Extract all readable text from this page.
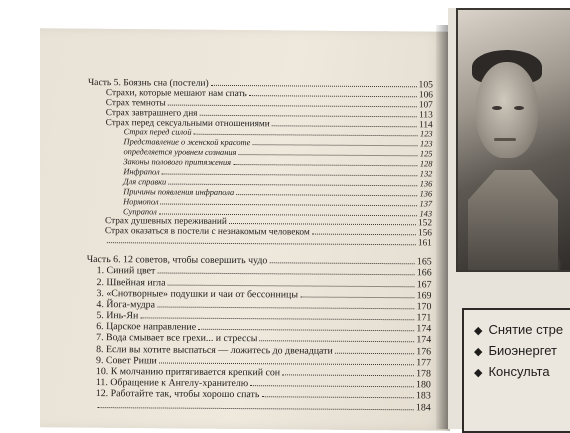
◆ Снятие стре
◆ Биоэнергет
◆ Консульта
Часть 5. Боязнь сна (постели)	105
Страхи, которые мешают нам спать	106
Страх темноты	107
Страх завтрашнего дня	113
Страх перед сексуальными отношениями	114
Страх перед силой	123
Представление о женской красоте	123
определяется уровнем сознания	125
Законы полового притяжения	128
Инфрапол	132
Для справки	136
Причины появления инфрапола	136
Нормопол	137
Супрапол	143
Страх душевных переживаний	152
Страх оказаться в постели с незнакомым человеком	156
161
Часть 6. 12 советов, чтобы совершить чудо	165
1. Синий цвет	166
2. Швейная игла	167
3. «Снотворные» подушки и чаи от бессонницы	169
4. Йога-мудра	170
5. Инь-Ян	171
6. Царское направление	174
7. Вода смывает все грехи... и стрессы	174
8. Если вы хотите выспаться — ложитесь до двенадцати	176
9. Совет Риши	177
10. К молчанию притягивается крепкий сон	178
11. Обращение к Ангелу-хранителю	180
12. Работайте так, чтобы хорошо спать	183
184
